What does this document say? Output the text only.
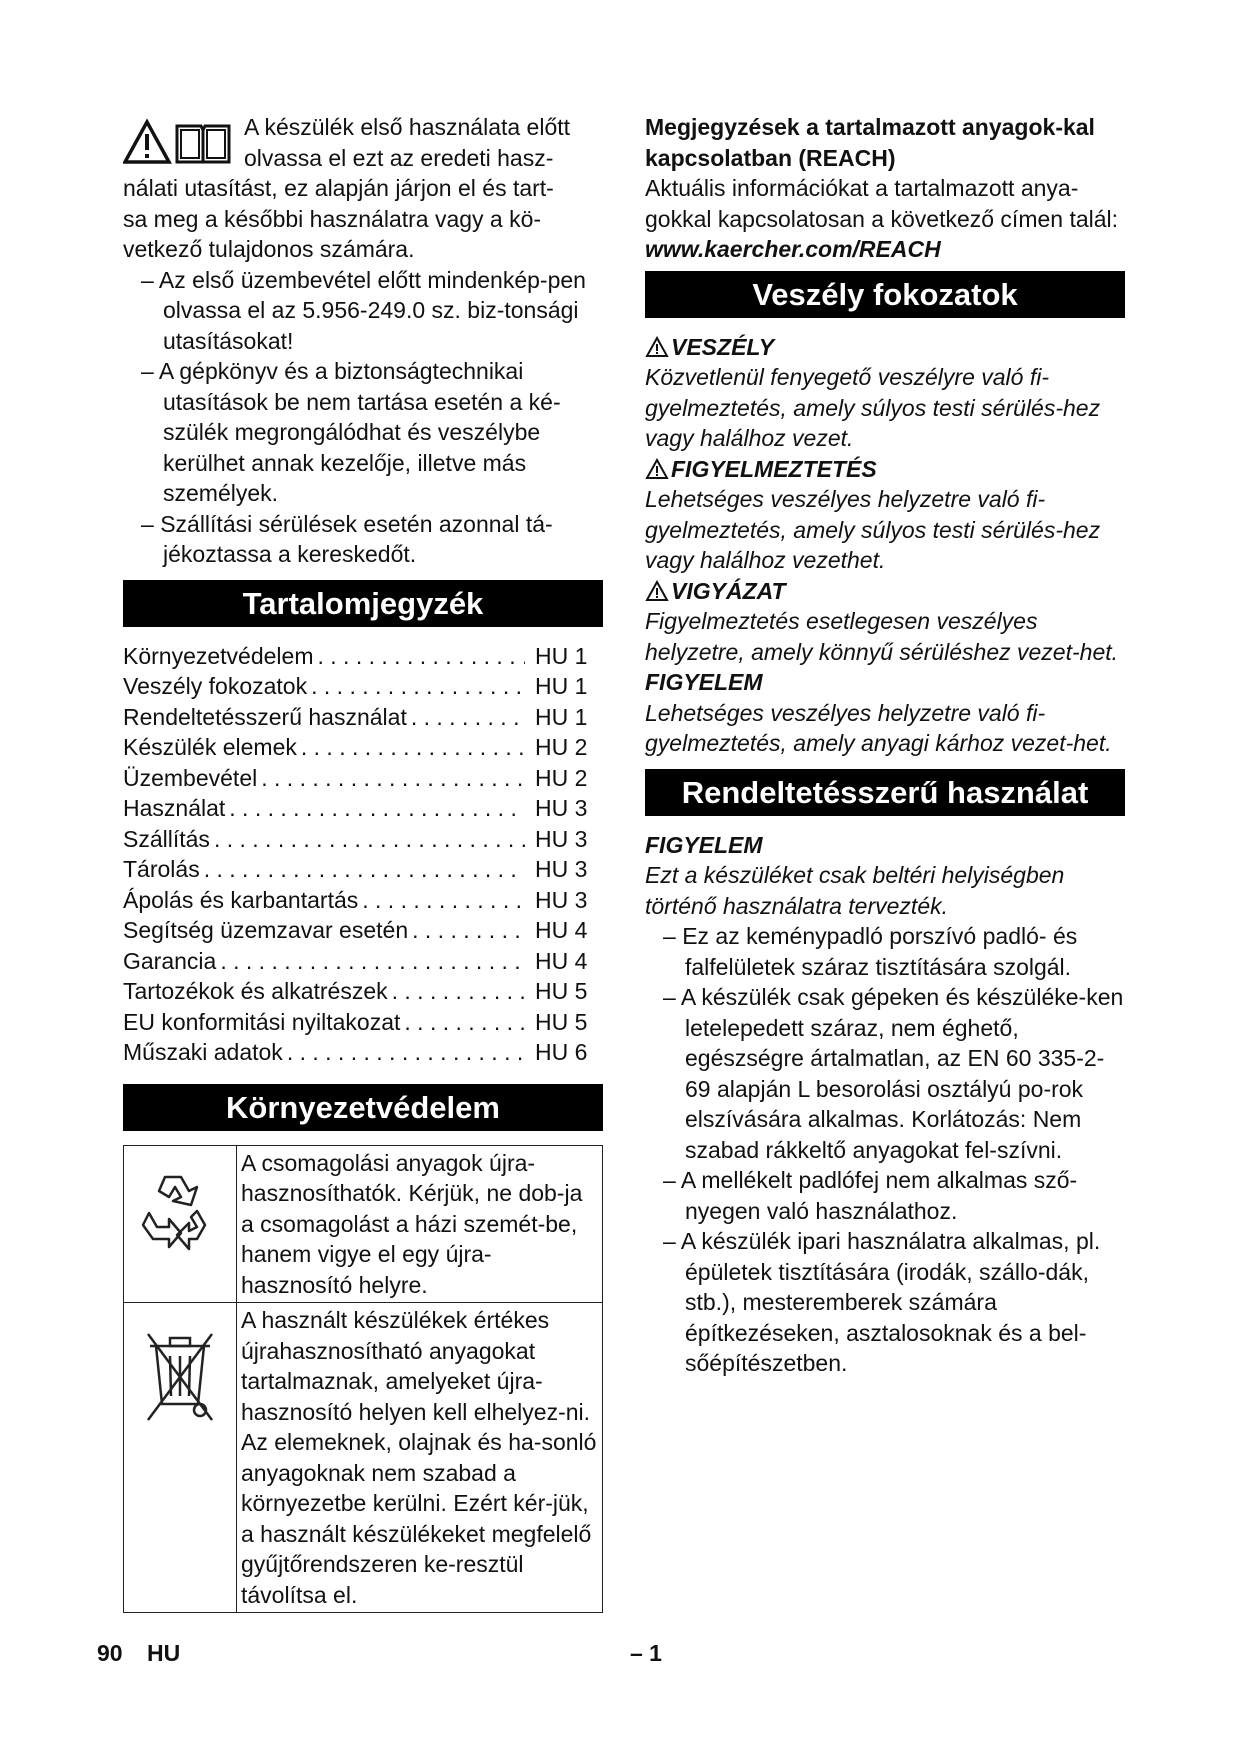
A készülék első használata előtt

olvassa el ezt az eredeti hasz-

nálati utasítást, ez alapján járjon el és tart-

sa meg a későbbi használatra vagy a kö-

vetkező tulajdonos számára.

– Az első üzembevétel előtt mindenkép-pen olvassa el az 5.956-249.0 sz. biz-tonsági utasításokat!
– A gépkönyv és a biztonságtechnikai utasítások be nem tartása esetén a ké-szülék megrongálódhat és veszélybe kerülhet annak kezelője, illetve más személyek.
– Szállítási sérülések esetén azonnal tá-jékoztassa a kereskedőt.
Tartalomjegyzék
Környezetvédelem . . .	HU 1
Veszély fokozatok . . .	HU 1
Rendeltetésszerű használat . . .	HU 1
Készülék elemek . . .	HU 2
Üzembevétel . . .	HU 2
Használat . . .	HU 3
Szállítás . . .	HU 3
Tárolás . . .	HU 3
Ápolás és karbantartás . . .	HU 3
Segítség üzemzavar esetén . . .	HU 4
Garancia . . .	HU 4
Tartozékok és alkatrészek . . .	HU 5
EU konformitási nyiltakozat . . .	HU 5
Műszaki adatok . . .	HU 6
Környezetvédelem
	A csomagolási anyagok újra-hasznosíthatók. Kérjük, ne dob-ja a csomagolást a házi szemét-be, hanem vigye el egy újra-hasznosító helyre.
	A használt készülékek értékes újrahasznosítható anyagokat tartalmaznak, amelyeket újra-hasznosító helyen kell elhelyez-ni. Az elemeknek, olajnak és ha-sonló anyagoknak nem szabad a környezetbe kerülni. Ezért kér-jük, a használt készülékeket megfelelő gyűjtőrendszeren ke-resztül távolítsa el.

Megjegyzések a tartalmazott anyagok-kal kapcsolatban (REACH)

Aktuális információkat a tartalmazott anya-gokkal kapcsolatosan a következő címen talál:

www.kaercher.com/REACH

Veszély fokozatok

VESZÉLY

Közvetlenül fenyegető veszélyre való fi-gyelmeztetés, amely súlyos testi sérülés-hez vagy halálhoz vezet.

FIGYELMEZTETÉS

Lehetséges veszélyes helyzetre való fi-gyelmeztetés, amely súlyos testi sérülés-hez vagy halálhoz vezethet.

VIGYÁZAT

Figyelmeztetés esetlegesen veszélyes helyzetre, amely könnyű sérüléshez vezet-het.

FIGYELEM

Lehetséges veszélyes helyzetre való fi-gyelmeztetés, amely anyagi kárhoz vezet-het.

Rendeltetésszerű használat

FIGYELEM

Ezt a készüléket csak beltéri helyiségben történő használatra tervezték.

– Ez az keménypadló porszívó padló- és falfelületek száraz tisztítására szolgál.
– A készülék csak gépeken és készüléke-ken letelepedett száraz, nem éghető, egészségre ártalmatlan, az EN 60 335-2-69 alapján L besorolási osztályú po-rok elszívására alkalmas. Korlátozás: Nem szabad rákkeltő anyagokat fel-szívni.
– A mellékelt padlófej nem alkalmas sző-nyegen való használathoz.
– A készülék ipari használatra alkalmas, pl. épületek tisztítására (irodák, szállo-dák, stb.), mesteremberek számára építkezéseken, asztalosoknak és a bel-sőépítészetben.
90 HU	– 1
